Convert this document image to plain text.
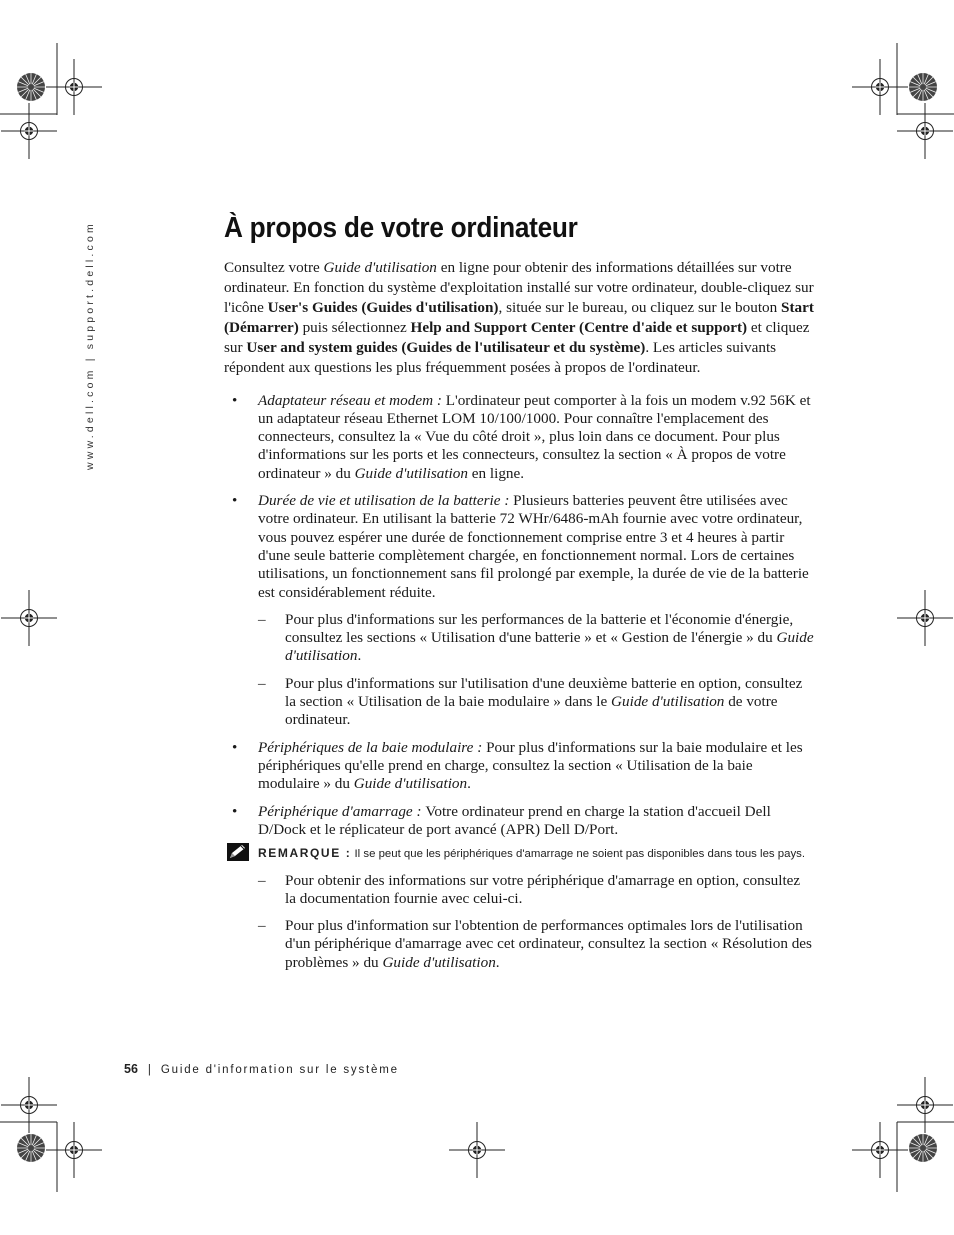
www.dell.com | support.dell.com	À propos de votre ordinateur

Consultez votre Guide d'utilisation en ligne pour obtenir des informations détaillées sur votre ordinateur. En fonction du système d'exploitation installé sur votre ordinateur, double-cliquez sur l'icône User's Guides (Guides d'utilisation), située sur le bureau, ou cliquez sur le bouton Start (Démarrer) puis sélectionnez Help and Support Center (Centre d'aide et support) et cliquez sur User and system guides (Guides de l'utilisateur et du système). Les articles suivants répondent aux questions les plus fréquemment posées à propos de l'ordinateur.

• Adaptateur réseau et modem : L'ordinateur peut comporter à la fois un modem v.92 56K et un adaptateur réseau Ethernet LOM 10/100/1000. Pour connaître l'emplacement des connecteurs, consultez la « Vue du côté droit », plus loin dans ce document. Pour plus d'informations sur les ports et les connecteurs, consultez la section « À propos de votre ordinateur » du Guide d'utilisation en ligne.
• Durée de vie et utilisation de la batterie : Plusieurs batteries peuvent être utilisées avec votre ordinateur. En utilisant la batterie 72 WHr/6486-mAh fournie avec votre ordinateur, vous pouvez espérer une durée de fonctionnement comprise entre 3 et 4 heures à partir d'une seule batterie complètement chargée, en fonctionnement normal. Lors de certaines utilisations, un fonctionnement sans fil prolongé par exemple, la durée de vie de la batterie est considérablement réduite.
– Pour plus d'informations sur les performances de la batterie et l'économie d'énergie, consultez les sections « Utilisation d'une batterie » et « Gestion de l'énergie » du Guide d'utilisation.
– Pour plus d'informations sur l'utilisation d'une deuxième batterie en option, consultez la section « Utilisation de la baie modulaire » dans le Guide d'utilisation de votre ordinateur.
• Périphériques de la baie modulaire : Pour plus d'informations sur la baie modulaire et les périphériques qu'elle prend en charge, consultez la section « Utilisation de la baie modulaire » du Guide d'utilisation.
• Périphérique d'amarrage : Votre ordinateur prend en charge la station d'accueil Dell D/Dock et le réplicateur de port avancé (APR) Dell D/Port.
REMARQUE : Il se peut que les périphériques d'amarrage ne soient pas disponibles dans tous les pays.
– Pour obtenir des informations sur votre périphérique d'amarrage en option, consultez la documentation fournie avec celui-ci.
– Pour plus d'information sur l'obtention de performances optimales lors de l'utilisation d'un périphérique d'amarrage avec cet ordinateur, consultez la section « Résolution des problèmes » du Guide d'utilisation.
56 | Guide d'information sur le système
